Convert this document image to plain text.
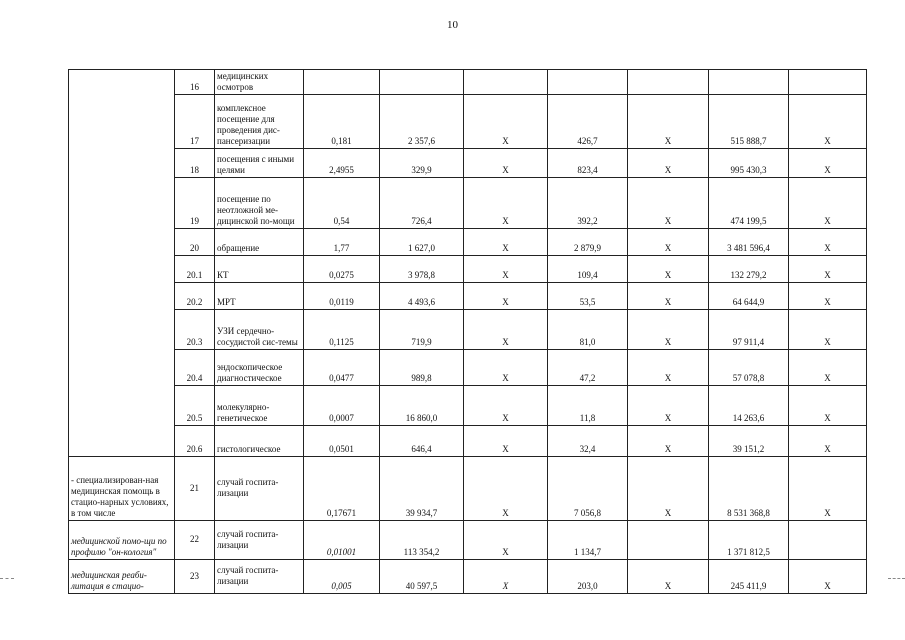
10
	16	медицинских осмотров							
	17	комплексное посещение для проведения дис-пансеризации	0,181	2 357,6	X	426,7	X	515 888,7	X
	18	посещения с иными целями	2,4955	329,9	X	823,4	X	995 430,3	X
	19	посещение по неотложной ме-дицинской по-мощи	0,54	726,4	X	392,2	X	474 199,5	X
	20	обращение	1,77	1 627,0	X	2 879,9	X	3 481 596,4	X
	20.1	КТ	0,0275	3 978,8	X	109,4	X	132 279,2	X
	20.2	МРТ	0,0119	4 493,6	X	53,5	X	64 644,9	X
	20.3	УЗИ сердечно-сосудистой сис-темы	0,1125	719,9	X	81,0	X	97 911,4	X
	20.4	эндоскопическое диагностическое	0,0477	989,8	X	47,2	X	57 078,8	X
	20.5	молекулярно-генетическое	0,0007	16 860,0	X	11,8	X	14 263,6	X
	20.6	гистологическое	0,0501	646,4	X	32,4	X	39 151,2	X
- специализирован-ная медицинская помощь в стацио-нарных условиях, в том числе	21	случай госпита-лизации	0,17671	39 934,7	X	7 056,8	X	8 531 368,8	X
медицинской помо-щи по профилю "он-кология"	22	случай госпита-лизации	0,01001	113 354,2	X	1 134,7		1 371 812,5	
медицинская реаби-литация в стацио-	23	случай госпита-лизации	0,005	40 597,5	X	203,0	X	245 411,9	X
